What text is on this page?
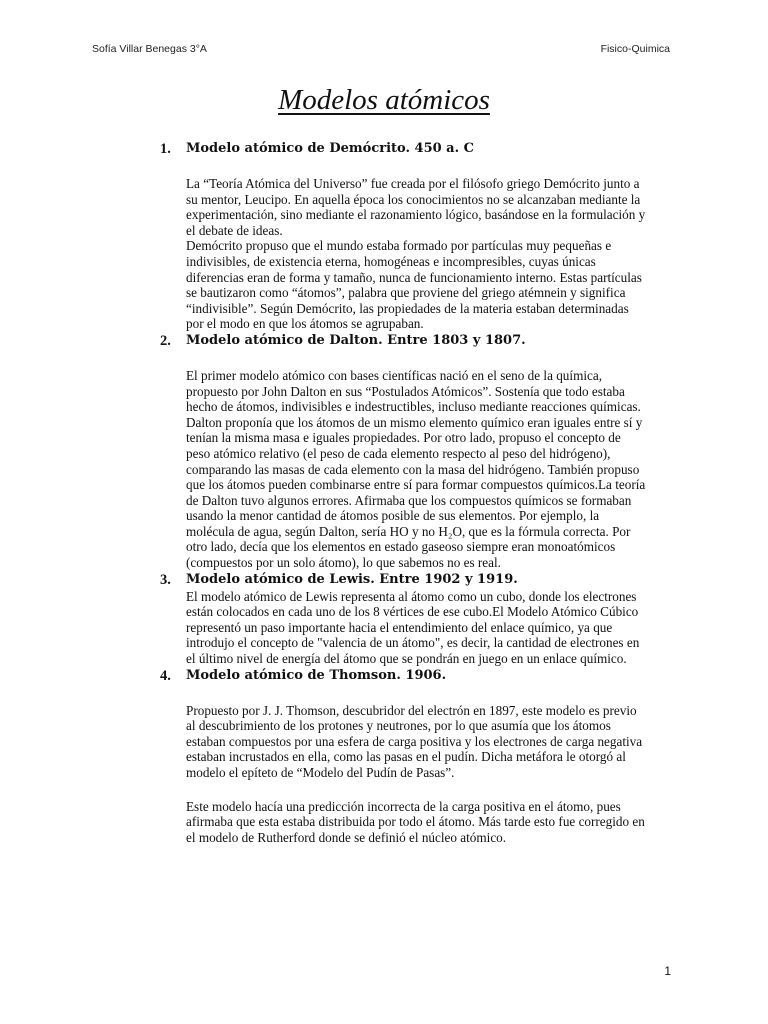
Sofía Villar Benegas 3°A	Fisico-Quimica
Modelos atómicos
1. Modelo atómico de Demócrito. 450 a. C

La “Teoría Atómica del Universo” fue creada por el filósofo griego Demócrito junto a su mentor, Leucipo. En aquella época los conocimientos no se alcanzaban mediante la experimentación, sino mediante el razonamiento lógico, basándose en la formulación y el debate de ideas.

Demócrito propuso que el mundo estaba formado por partículas muy pequeñas e indivisibles, de existencia eterna, homogéneas e incompresibles, cuyas únicas diferencias eran de forma y tamaño, nunca de funcionamiento interno. Estas partículas se bautizaron como “átomos”, palabra que proviene del griego atémnein y significa “indivisible”. Según Demócrito, las propiedades de la materia estaban determinadas por el modo en que los átomos se agrupaban.

2. Modelo atómico de Dalton. Entre 1803 y 1807.

El primer modelo atómico con bases científicas nació en el seno de la química, propuesto por John Dalton en sus “Postulados Atómicos”. Sostenía que todo estaba hecho de átomos, indivisibles e indestructibles, incluso mediante reacciones químicas. Dalton proponía que los átomos de un mismo elemento químico eran iguales entre sí y tenían la misma masa e iguales propiedades. Por otro lado, propuso el concepto de peso atómico relativo (el peso de cada elemento respecto al peso del hidrógeno), comparando las masas de cada elemento con la masa del hidrógeno. También propuso que los átomos pueden combinarse entre sí para formar compuestos químicos.La teoría de Dalton tuvo algunos errores. Afirmaba que los compuestos químicos se formaban usando la menor cantidad de átomos posible de sus elementos. Por ejemplo, la molécula de agua, según Dalton, sería HO y no H₂O, que es la fórmula correcta. Por otro lado, decía que los elementos en estado gaseoso siempre eran monoatómicos (compuestos por un solo átomo), lo que sabemos no es real.

3. Modelo atómico de Lewis. Entre 1902 y 1919.

El modelo atómico de Lewis representa al átomo como un cubo, donde los electrones están colocados en cada uno de los 8 vértices de ese cubo.El Modelo Atómico Cúbico representó un paso importante hacia el entendimiento del enlace químico, ya que introdujo el concepto de "valencia de un átomo", es decir, la cantidad de electrones en el último nivel de energía del átomo que se pondrán en juego en un enlace químico.

4. Modelo atómico de Thomson. 1906.

Propuesto por J. J. Thomson, descubridor del electrón en 1897, este modelo es previo al descubrimiento de los protones y neutrones, por lo que asumía que los átomos estaban compuestos por una esfera de carga positiva y los electrones de carga negativa estaban incrustados en ella, como las pasas en el pudín. Dicha metáfora le otorgó al modelo el epíteto de “Modelo del Pudín de Pasas”.

Este modelo hacía una predicción incorrecta de la carga positiva en el átomo, pues afirmaba que esta estaba distribuida por todo el átomo. Más tarde esto fue corregido en el modelo de Rutherford donde se definió el núcleo atómico.

1
